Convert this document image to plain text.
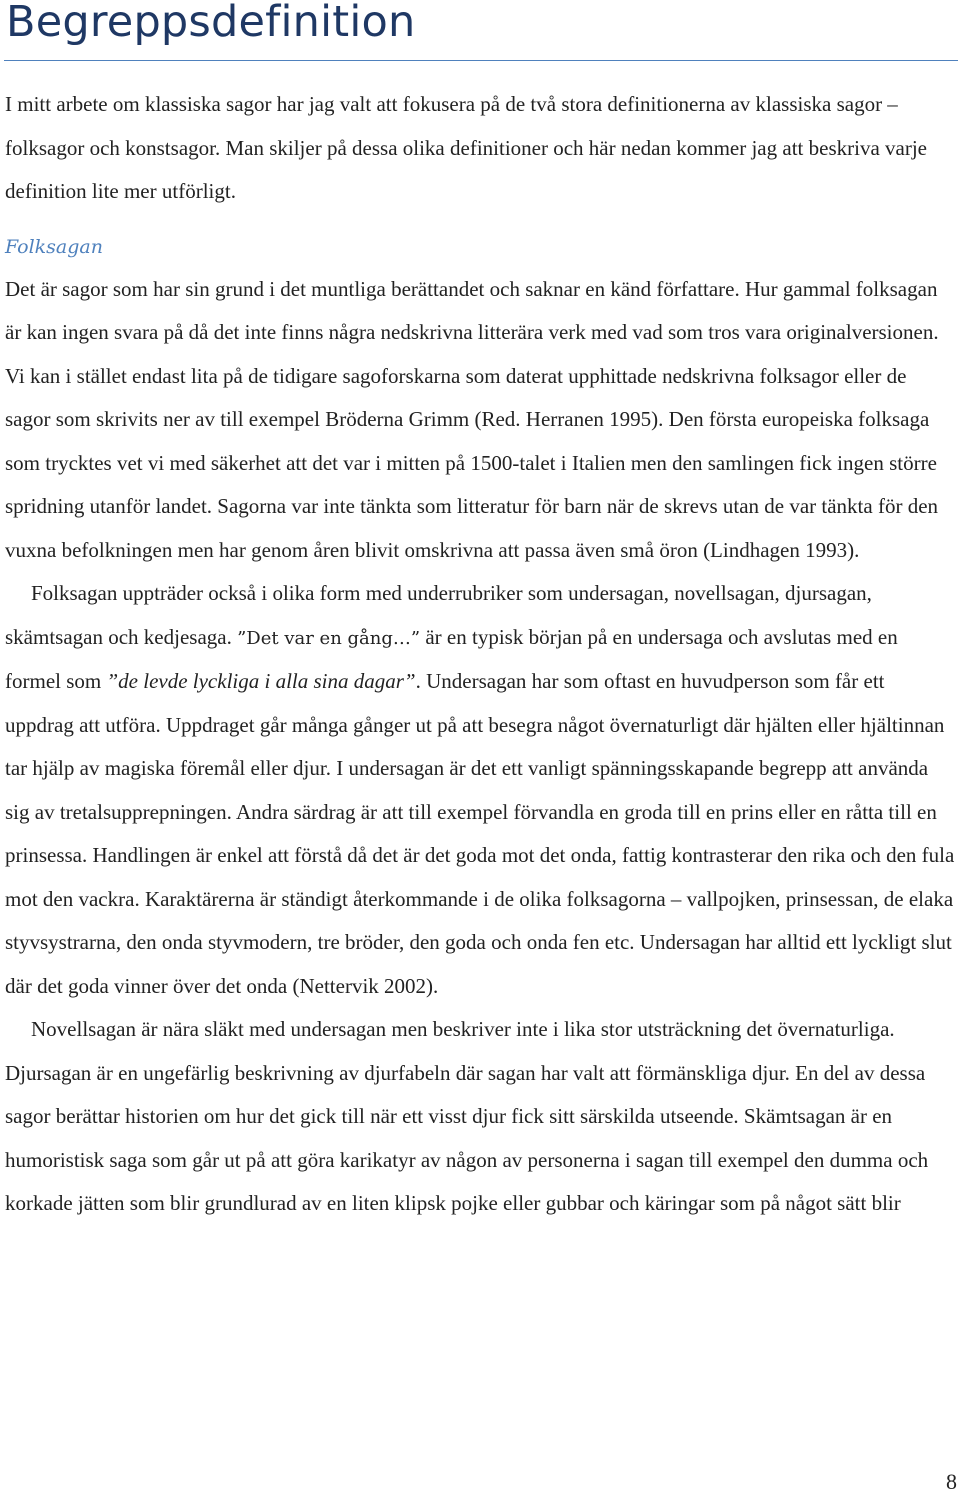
Begreppsdefinition

I mitt arbete om klassiska sagor har jag valt att fokusera på de två stora definitionerna av klassiska sagor – folksagor och konstsagor. Man skiljer på dessa olika definitioner och här nedan kommer jag att beskriva varje definition lite mer utförligt.

Folksagan

Det är sagor som har sin grund i det muntliga berättandet och saknar en känd författare. Hur gammal folksagan är kan ingen svara på då det inte finns några nedskrivna litterära verk med vad som tros vara originalversionen. Vi kan i stället endast lita på de tidigare sagoforskarna som daterat upphittade nedskrivna folksagor eller de sagor som skrivits ner av till exempel Bröderna Grimm (Red. Herranen 1995). Den första europeiska folksaga som trycktes vet vi med säkerhet att det var i mitten på 1500-talet i Italien men den samlingen fick ingen större spridning utanför landet. Sagorna var inte tänkta som litteratur för barn när de skrevs utan de var tänkta för den vuxna befolkningen men har genom åren blivit omskrivna att passa även små öron (Lindhagen 1993).

Folksagan uppträder också i olika form med underrubriker som undersagan, novellsagan, djursagan, skämtsagan och kedjesaga. ”Det var en gång…” är en typisk början på en undersaga och avslutas med en formel som ”de levde lyckliga i alla sina dagar”. Undersagan har som oftast en huvudperson som får ett uppdrag att utföra. Uppdraget går många gånger ut på att besegra något övernaturligt där hjälten eller hjältinnan tar hjälp av magiska föremål eller djur. I undersagan är det ett vanligt spänningsskapande begrepp att använda sig av tretalsupprepningen. Andra särdrag är att till exempel förvandla en groda till en prins eller en råtta till en prinsessa. Handlingen är enkel att förstå då det är det goda mot det onda, fattig kontrasterar den rika och den fula mot den vackra. Karaktärerna är ständigt återkommande i de olika folksagorna – vallpojken, prinsessan, de elaka styvsystrarna, den onda styvmodern, tre bröder, den goda och onda fen etc. Undersagan har alltid ett lyckligt slut där det goda vinner över det onda (Nettervik 2002).

Novellsagan är nära släkt med undersagan men beskriver inte i lika stor utsträckning det övernaturliga. Djursagan är en ungefärlig beskrivning av djurfabeln där sagan har valt att förmänskliga djur. En del av dessa sagor berättar historien om hur det gick till när ett visst djur fick sitt särskilda utseende. Skämtsagan är en humoristisk saga som går ut på att göra karikatyr av någon av personerna i sagan till exempel den dumma och korkade jätten som blir grundlurad av en liten klipsk pojke eller gubbar och käringar som på något sätt blir

8
